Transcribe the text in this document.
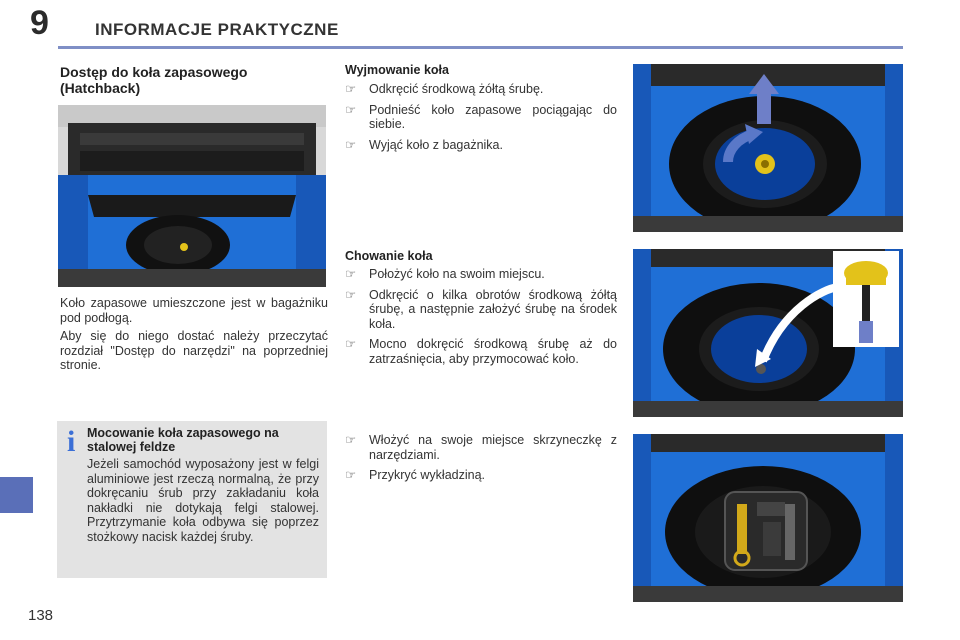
9	INFORMACJE PRAKTYCZNE
138
Dostęp do koła zapasowego (Hatchback)

Koło zapasowe umieszczone jest w bagażniku pod podłogą.

Aby się do niego dostać należy przeczytać rozdział "Dostęp do narzędzi" na poprzedniej stronie.

i Mocowanie koła zapasowego na stalowej feldze
Jeżeli samochód wyposażony jest w felgi aluminiowe jest rzeczą normalną, że przy dokręcaniu śrub przy zakładaniu koła nakładki nie dotykają felgi stalowej. Przytrzymanie koła odbywa się poprzez stożkowy nacisk każdej śruby.
Wyjmowanie koła
☞ Odkręcić środkową żółtą śrubę.
☞ Podnieść koło zapasowe pociągając do siebie.
☞ Wyjąć koło z bagażnika.
Chowanie koła
☞ Położyć koło na swoim miejscu.
☞ Odkręcić o kilka obrotów środkową żółtą śrubę, a następnie założyć śrubę na środek koła.
☞ Mocno dokręcić środkową śrubę aż do zatrzaśnięcia, aby przymocować koło.
☞ Włożyć na swoje miejsce skrzyneczkę z narzędziami.
☞ Przykryć wykładziną.
